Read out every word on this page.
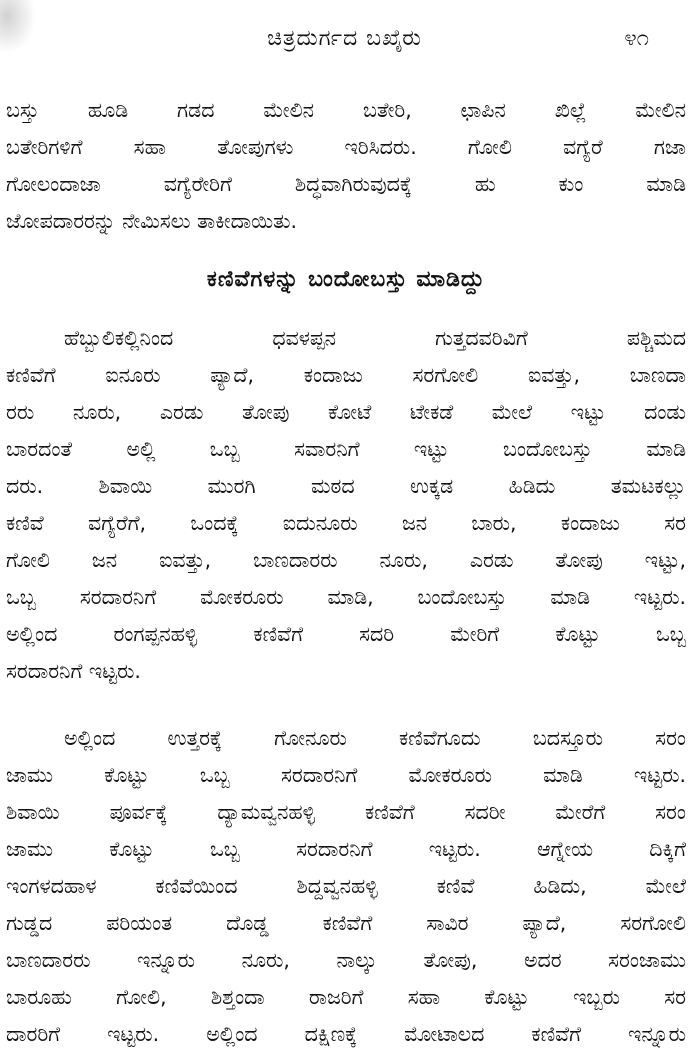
ಚಿತ್ರದುರ್ಗದ ಬಖೈರು	೪೧
ಬಸ್ತು ಹೂಡಿ ಗಡದ ಮೇಲಿನ ಬತೇರಿ, ಛಾಪಿನ ಖಿಲ್ಲೆ ಮೇಲಿನ
ಬತೇರಿಗಳಿಗೆ ಸಹಾ ತೋಪುಗಳು ಇರಿಸಿದರು. ಗೋಲಿ ವಗ್ಯೆರೆ ಗಜಾ
ಗೋಲಂದಾಜಾ ವಗ್ಯೆರೇರಿಗೆ ಶಿದ್ಧವಾಗಿರುವುದಕ್ಕೆ ಹು ಕುಂ ಮಾಡಿ
ಜೋಪದಾರರನ್ನು ನೇಮಿಸಲು ತಾಕೀದಾಯಿತು.
ಕಣಿವೆಗಳನ್ನು ಬಂದೋಬಸ್ತು ಮಾಡಿದ್ದು
ಹೆಬ್ಬುಲಿಕಲ್ಲಿನಿಂದ ಧವಳಪ್ಪನ ಗುತ್ತದವರಿವಿಗೆ ಪಶ್ಚಿಮದ
ಕಣಿವೆಗೆ ಐನೂರು ಪ್ಯಾದೆ, ಕಂದಾಜು ಸರಗೋಲಿ ಐವತ್ತು, ಬಾಣದಾ
ರರು ನೂರು, ಎರಡು ತೋಪು ಕೋಟೆ ಟೇಕಡೆ ಮೇಲೆ ಇಟ್ಟು ದಂಡು
ಬಾರದಂತೆ ಅಲ್ಲಿ ಒಬ್ಬ ಸವಾರನಿಗೆ ಇಟ್ಟು ಬಂದೋಬಸ್ತು ಮಾಡಿ
ದರು. ಶಿವಾಯಿ ಮುರಗಿ ಮಠದ ಉಕ್ಕಡ ಹಿಡಿದು ತಮಟಕಲ್ಲು
ಕಣಿವೆ ವಗ್ಯೆರೆಗೆ, ಒಂದಕ್ಕೆ ಐದುನೂರು ಜನ ಬಾರು, ಕಂದಾಜು ಸರ
ಗೋಲಿ ಜನ ಐವತ್ತು, ಬಾಣದಾರರು ನೂರು, ಎರಡು ತೋಪು ಇಟ್ಟು,
ಒಬ್ಬ ಸರದಾರನಿಗೆ ಮೋಕರೂರು ಮಾಡಿ, ಬಂದೋಬಸ್ತು ಮಾಡಿ ಇಟ್ಟರು.
ಅಲ್ಲಿಂದ ರಂಗಪ್ಪನಹಳ್ಳಿ ಕಣಿವೆಗೆ ಸದರಿ ಮೇರಿಗೆ ಕೊಟ್ಟು ಒಬ್ಬ
ಸರದಾರನಿಗೆ ಇಟ್ಟರು.
ಅಲ್ಲಿಂದ ಉತ್ತರಕ್ಕೆ ಗೋನೂರು ಕಣಿವೆಗೂದು ಬದಸ್ತೂರು ಸರಂ
ಜಾಮು ಕೊಟ್ಟು ಒಬ್ಬ ಸರದಾರನಿಗೆ ಮೋಕರೂರು ಮಾಡಿ ಇಟ್ಟರು.
ಶಿವಾಯಿ ಪೂರ್ವಕ್ಕೆ ದ್ಯಾಮವ್ವನಹಳ್ಳಿ ಕಣಿವೆಗೆ ಸದರೀ ಮೇರೆಗೆ ಸರಂ
ಜಾಮು ಕೊಟ್ಟು ಒಬ್ಬ ಸರದಾರನಿಗೆ ಇಟ್ಟರು. ಆಗ್ನೇಯ ದಿಕ್ಕಿಗೆ
ಇಂಗಳದಹಾಳ ಕಣಿವೆಯಿಂದ ಶಿದ್ದವ್ವನಹಳ್ಳಿ ಕಣಿವೆ ಹಿಡಿದು, ಮೇಲೆ
ಗುಡ್ಡದ ಪರಿಯಂತ ದೊಡ್ಡ ಕಣಿವೆಗೆ ಸಾವಿರ ಪ್ಯಾದೆ, ಸರಗೋಲಿ
ಬಾಣದಾರರು ಇನ್ನೂರು ನೂರು, ನಾಲ್ಕು ತೋಪು, ಅದರ ಸರಂಜಾಮು
ಬಾರೂಹು ಗೋಲಿ, ಶಿಶ್ತಂದಾ ರಾಜರಿಗೆ ಸಹಾ ಕೊಟ್ಟು ಇಬ್ಬರು ಸರ
ದಾರರಿಗೆ ಇಟ್ಟರು. ಅಲ್ಲಿಂದ ದಕ್ಷಿಣಕ್ಕೆ ಮೋಟಾಲದ ಕಣಿವೆಗೆ ಇನ್ನೂರು
